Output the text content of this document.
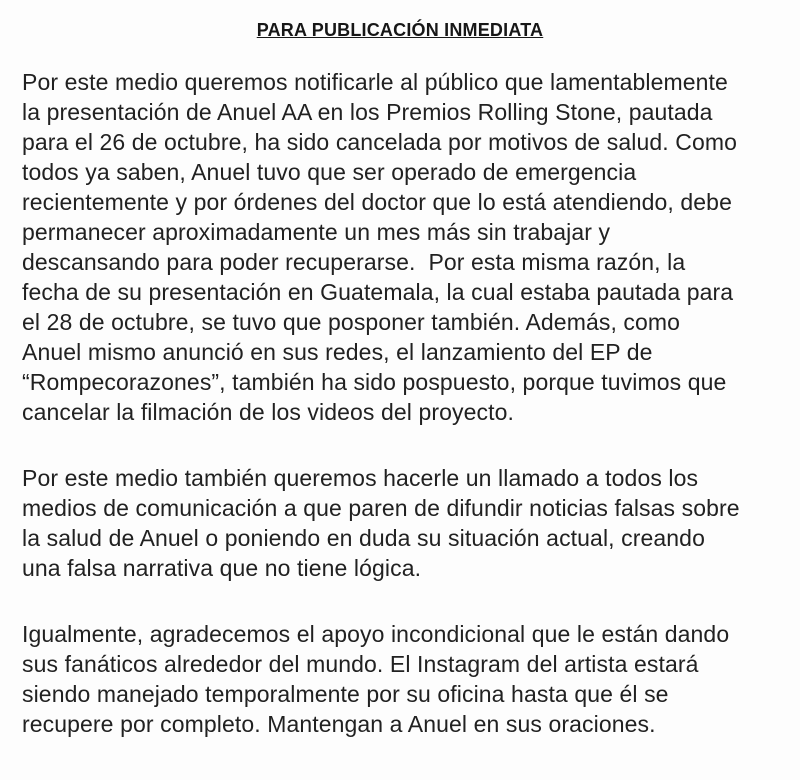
PARA PUBLICACIÓN INMEDIATA
Por este medio queremos notificarle al público que lamentablemente
la presentación de Anuel AA en los Premios Rolling Stone, pautada
para el 26 de octubre, ha sido cancelada por motivos de salud. Como
todos ya saben, Anuel tuvo que ser operado de emergencia
recientemente y por órdenes del doctor que lo está atendiendo, debe
permanecer aproximadamente un mes más sin trabajar y
descansando para poder recuperarse.  Por esta misma razón, la
fecha de su presentación en Guatemala, la cual estaba pautada para
el 28 de octubre, se tuvo que posponer también. Además, como
Anuel mismo anunció en sus redes, el lanzamiento del EP de
“Rompecorazones”, también ha sido pospuesto, porque tuvimos que
cancelar la filmación de los videos del proyecto.
Por este medio también queremos hacerle un llamado a todos los
medios de comunicación a que paren de difundir noticias falsas sobre
la salud de Anuel o poniendo en duda su situación actual, creando
una falsa narrativa que no tiene lógica.
Igualmente, agradecemos el apoyo incondicional que le están dando
sus fanáticos alrededor del mundo. El Instagram del artista estará
siendo manejado temporalmente por su oficina hasta que él se
recupere por completo. Mantengan a Anuel en sus oraciones.
